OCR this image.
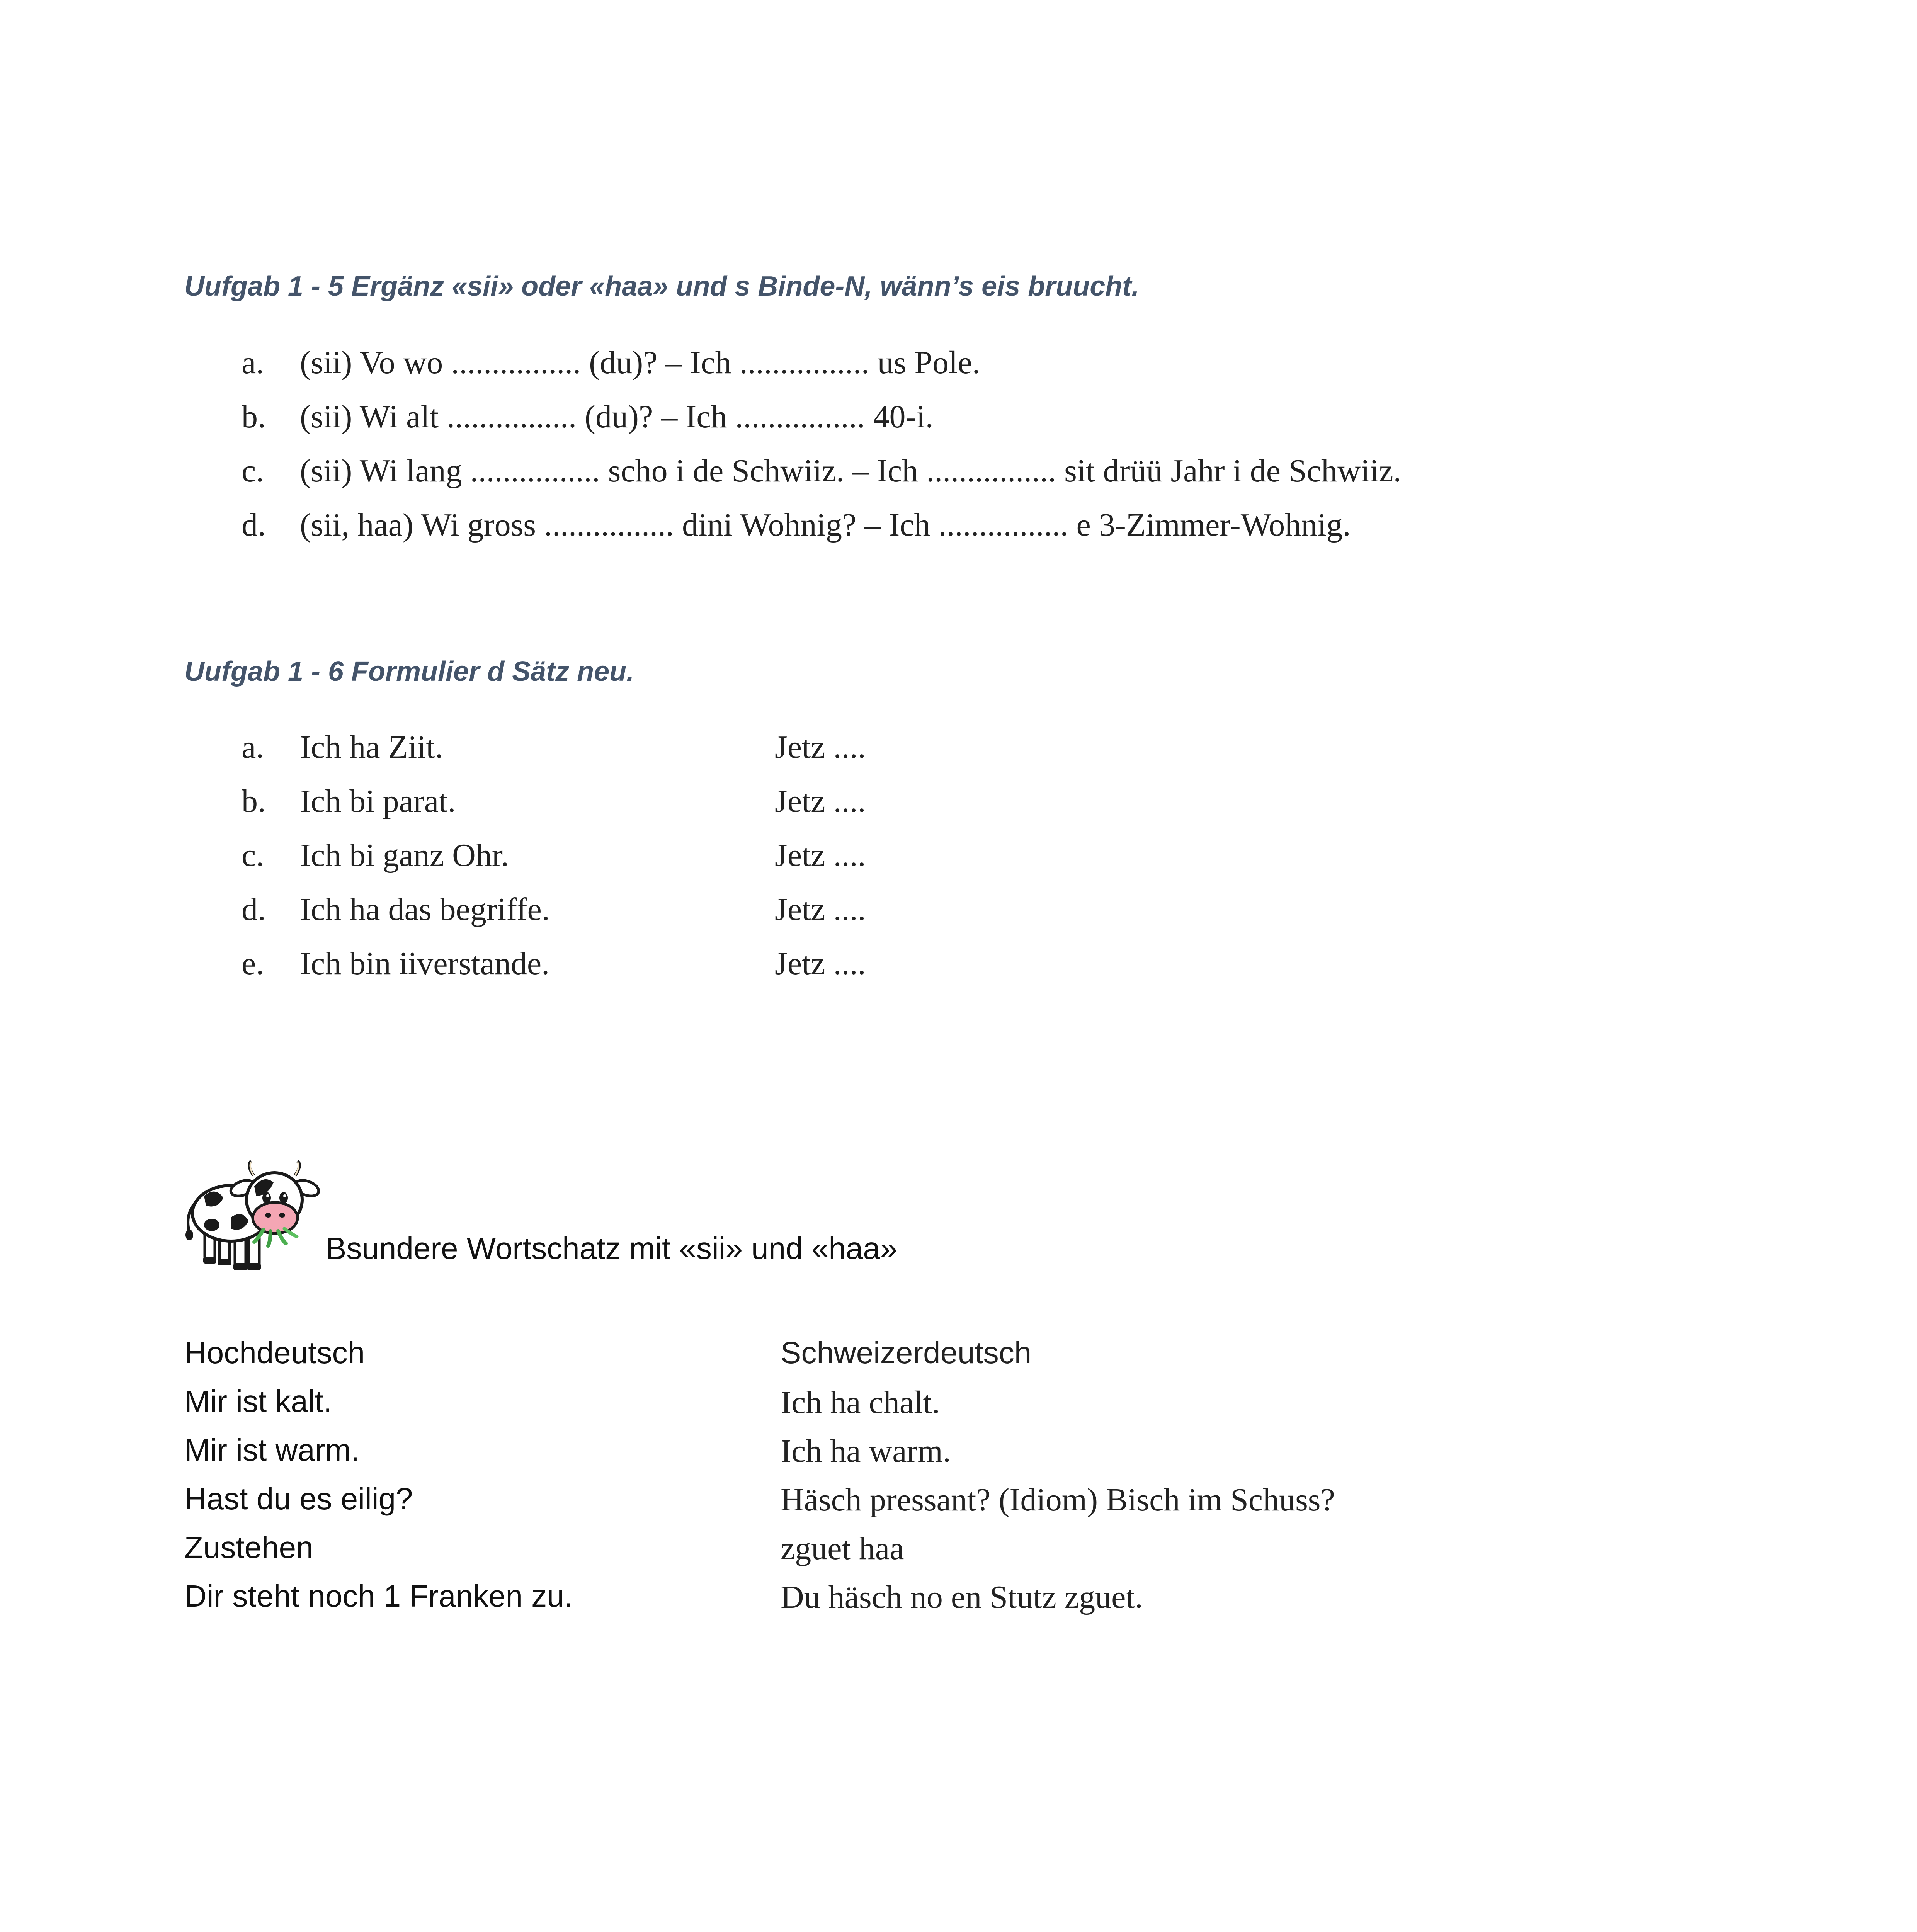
Uufgab 1 - 5 Ergänz «sii» oder «haa» und s Binde-N, wänn’s eis bruucht.
a. (sii) Vo wo ................ (du)? – Ich ................ us Pole.
b. (sii) Wi alt ................ (du)? – Ich ................ 40-i.
c. (sii) Wi lang ................ scho i de Schwiiz. – Ich ................ sit drüü Jahr i de Schwiiz.
d. (sii, haa) Wi gross ................ dini Wohnig? – Ich ................ e 3-Zimmer-Wohnig.
Uufgab 1 - 6 Formulier d Sätz neu.
a. Ich ha Ziit.	Jetz ....
b. Ich bi parat.	Jetz ....
c. Ich bi ganz Ohr.	Jetz ....
d. Ich ha das begriffe.	Jetz ....
e. Ich bin iiverstande.	Jetz ....
Bsundere Wortschatz mit «sii» und «haa»
Hochdeutsch	Schweizerdeutsch
Mir ist kalt.	Ich ha chalt.
Mir ist warm.	Ich ha warm.
Hast du es eilig?	Häsch pressant? (Idiom) Bisch im Schuss?
Zustehen	zguet haa
Dir steht noch 1 Franken zu.	Du häsch no en Stutz zguet.
